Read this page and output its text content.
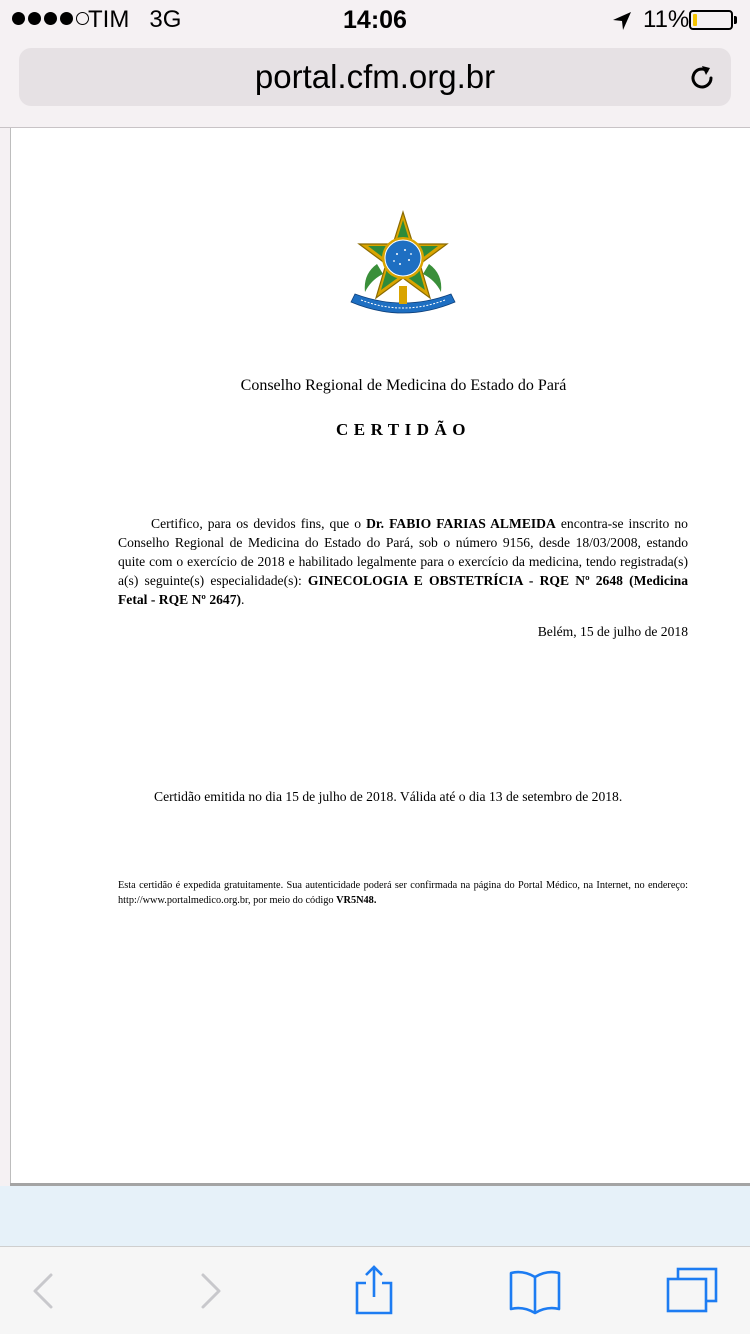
TIM 3G	14:06	11%
portal.cfm.org.br
Conselho Regional de Medicina do Estado do Pará
CERTIDÃO
Certifico, para os devidos fins, que o Dr. FABIO FARIAS ALMEIDA encontra-se inscrito no Conselho Regional de Medicina do Estado do Pará, sob o número 9156, desde 18/03/2008, estando quite com o exercício de 2018 e habilitado legalmente para o exercício da medicina, tendo registrada(s) a(s) seguinte(s) especialidade(s): GINECOLOGIA E OBSTETRÍCIA - RQE Nº 2648 (Medicina Fetal - RQE Nº 2647).
Belém, 15 de julho de 2018
Certidão emitida no dia 15 de julho de 2018. Válida até o dia 13 de setembro de 2018.
Esta certidão é expedida gratuitamente. Sua autenticidade poderá ser confirmada na página do Portal Médico, na Internet, no endereço: http://www.portalmedico.org.br, por meio do código VR5N48.
